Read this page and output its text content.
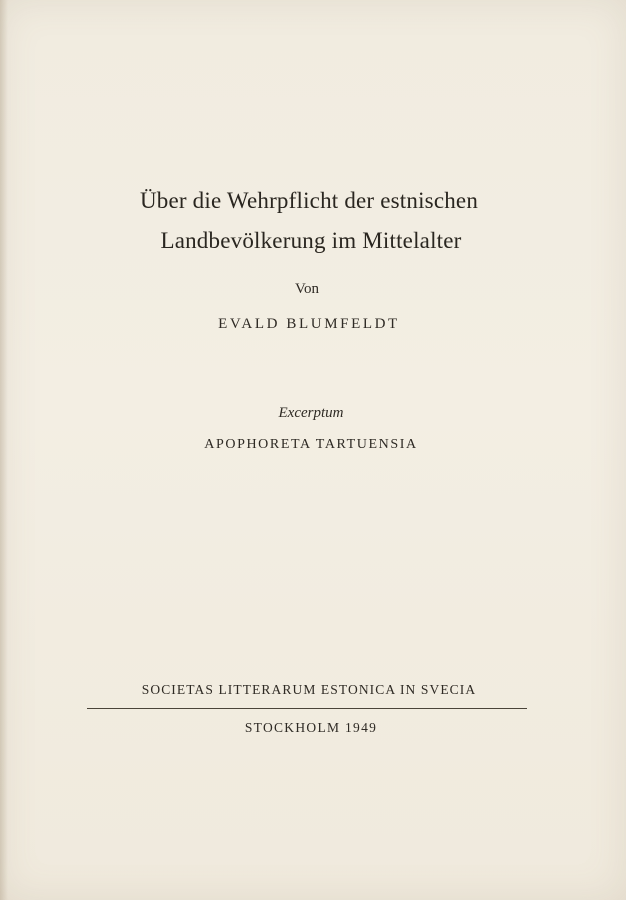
Über die Wehrpflicht der estnischen
Landbevölkerung im Mittelalter
Von
EVALD BLUMFELDT
Excerptum
APOPHORETA TARTUENSIA
SOCIETAS LITTERARUM ESTONICA IN SVECIA
STOCKHOLM 1949
